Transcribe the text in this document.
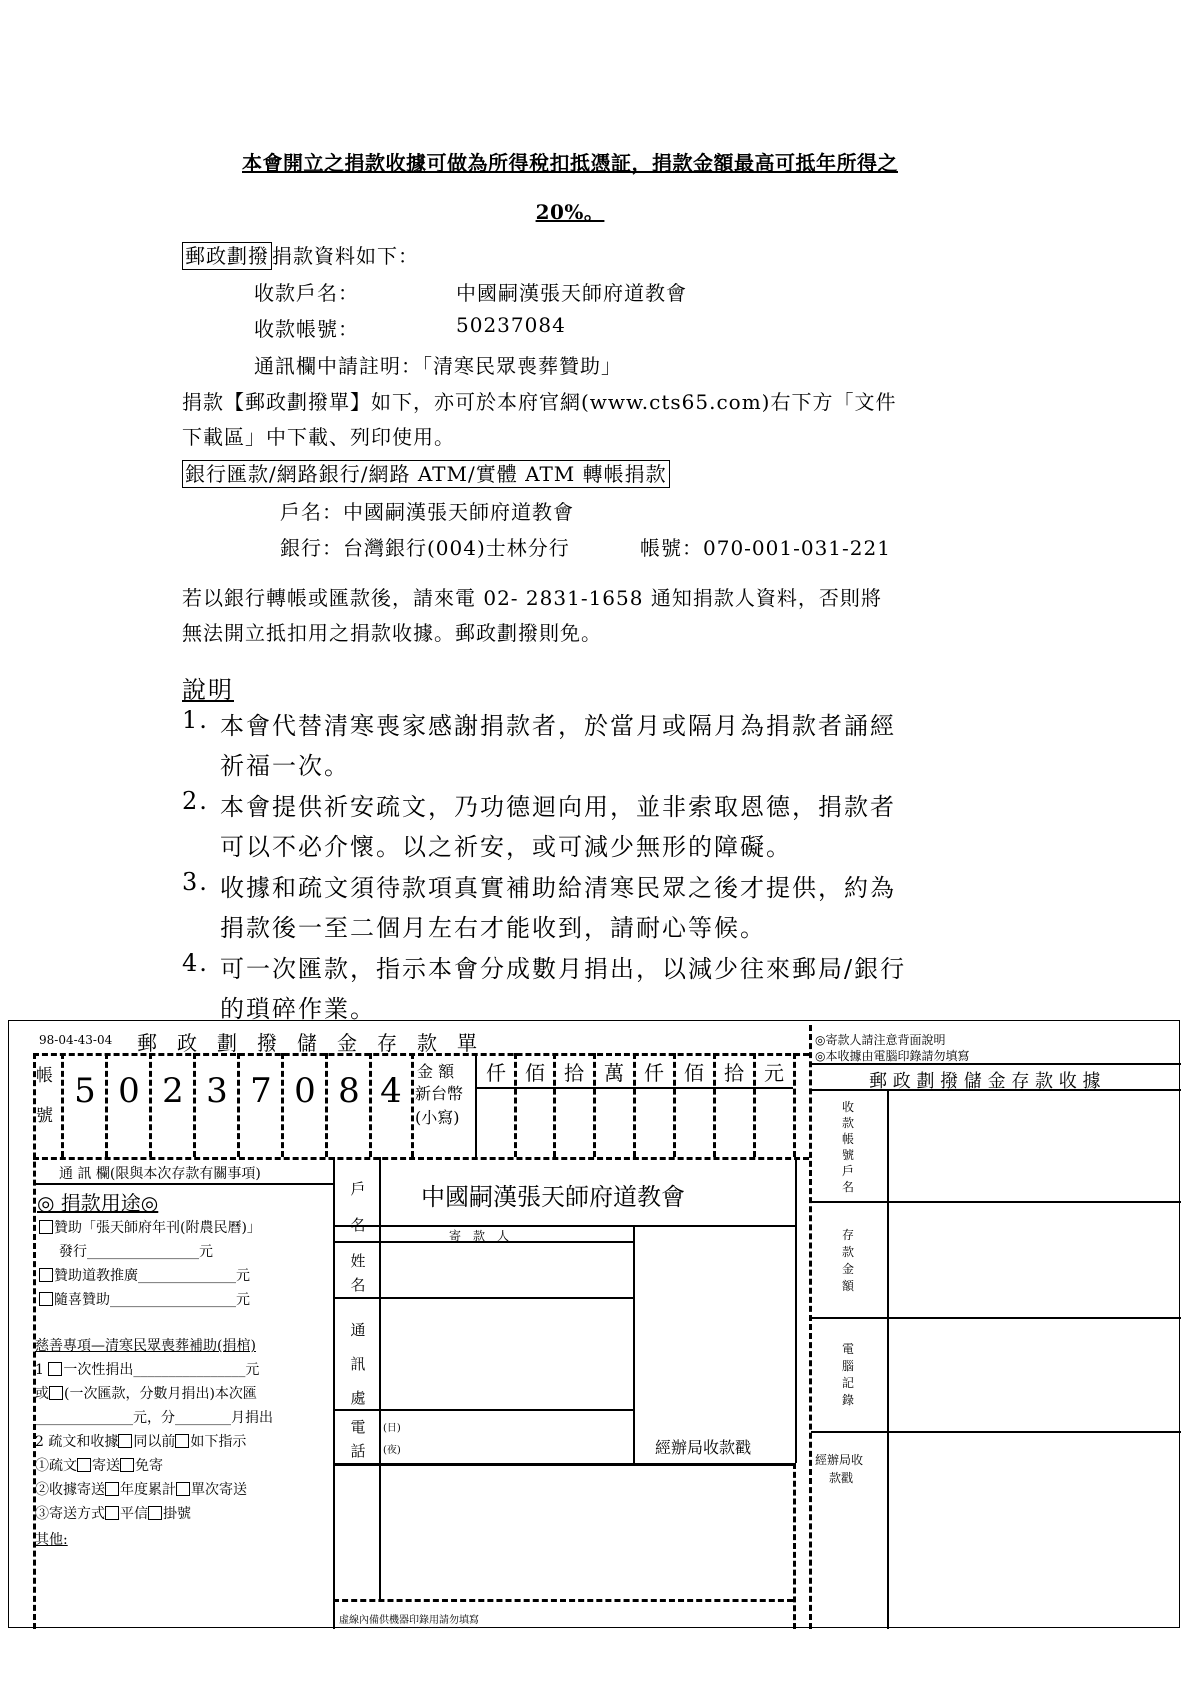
本會開立之捐款收據可做為所得稅扣抵憑証，捐款金額最高可抵年所得之
20%。
郵政劃撥 捐款資料如下：
收款戶名：	中國嗣漢張天師府道教會
收款帳號：	50237084
通訊欄中請註明：「清寒民眾喪葬贊助」
捐款【郵政劃撥單】如下，亦可於本府官網(www.cts65.com)右下方「文件
下載區」中下載、列印使用。
銀行匯款/網路銀行/網路 ATM/實體 ATM 轉帳捐款
戶名：中國嗣漢張天師府道教會
銀行：台灣銀行(004)士林分行	帳號：070-001-031-221
若以銀行轉帳或匯款後，請來電 02- 2831-1658 通知捐款人資料，否則將
無法開立抵扣用之捐款收據。郵政劃撥則免。
說明
1. 本會代替清寒喪家感謝捐款者，於當月或隔月為捐款者誦經
祈福一次。
2. 本會提供祈安疏文，乃功德迴向用，並非索取恩德，捐款者
可以不必介懷。以之祈安，或可減少無形的障礙。
3. 收據和疏文須待款項真實補助給清寒民眾之後才提供，約為
捐款後一至二個月左右才能收到，請耐心等候。
4. 可一次匯款，指示本會分成數月捐出，以減少往來郵局/銀行
的瑣碎作業。
98-04-43-04 郵　政　劃　撥　儲　金　存　款　單
帳
號
5 0 2 3 7 0 8 4 金 額
新台幣
(小寫)
仟 佰 拾	萬	仟	佰	拾	元
通 訊 欄(限與本次存款有關事項)
◎ 捐款用途◎
贊助「張天師府年刊(附農民曆)」
發行________________元
贊助道教推廣______________元
隨喜贊助__________________元
慈善專項—清寒民眾喪葬補助(捐棺)
1 一次性捐出________________元
或 (一次匯款，分數月捐出)本次匯
______________元，分________月捐出
2 疏文和收據 同以前 如下指示
①疏文 寄送 免寄
②收據寄送 年度累計 單次寄送
③寄送方式 平信 掛號
其他:
戶名
中國嗣漢張天師府道教會
寄　款　人
姓名
通訊處
電話
(日)
(夜)	經辦局收款戳
虛線內備供機器印錄用請勿填寫
◎寄款人請注意背面說明
◎本收據由電腦印錄請勿填寫
郵 政 劃 撥 儲 金 存 款 收 據
收款帳號戶名
存款金額
電腦記錄
經辦局收
款戳
